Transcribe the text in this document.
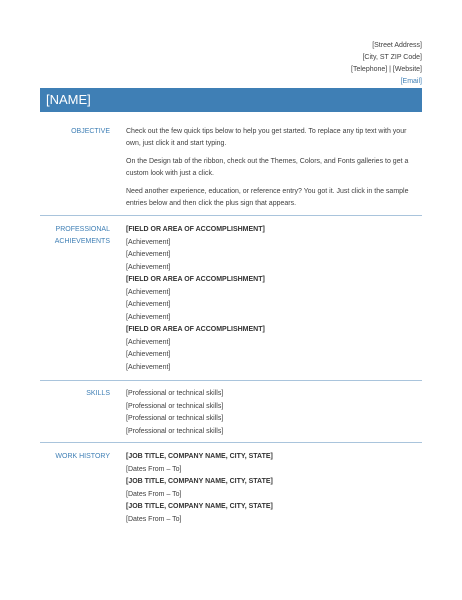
[Street Address]
[City, ST ZIP Code]
[Telephone] | [Website]
[Email]
[NAME]
OBJECTIVE Check out the few quick tips below to help you get started. To replace any tip text with your own, just click it and start typing.

On the Design tab of the ribbon, check out the Themes, Colors, and Fonts galleries to get a custom look with just a click.

Need another experience, education, or reference entry? You got it. Just click in the sample entries below and then click the plus sign that appears.

PROFESSIONAL
ACHIEVEMENTS
[FIELD OR AREA OF ACCOMPLISHMENT]
[Achievement]
[Achievement]
[Achievement]
[FIELD OR AREA OF ACCOMPLISHMENT]
[Achievement]
[Achievement]
[Achievement]
[FIELD OR AREA OF ACCOMPLISHMENT]
[Achievement]
[Achievement]
[Achievement]
SKILLS [Professional or technical skills]
[Professional or technical skills]
[Professional or technical skills]
[Professional or technical skills]
WORK HISTORY [JOB TITLE, COMPANY NAME, CITY, STATE]
[Dates From – To]
[JOB TITLE, COMPANY NAME, CITY, STATE]
[Dates From – To]
[JOB TITLE, COMPANY NAME, CITY, STATE]
[Dates From – To]
